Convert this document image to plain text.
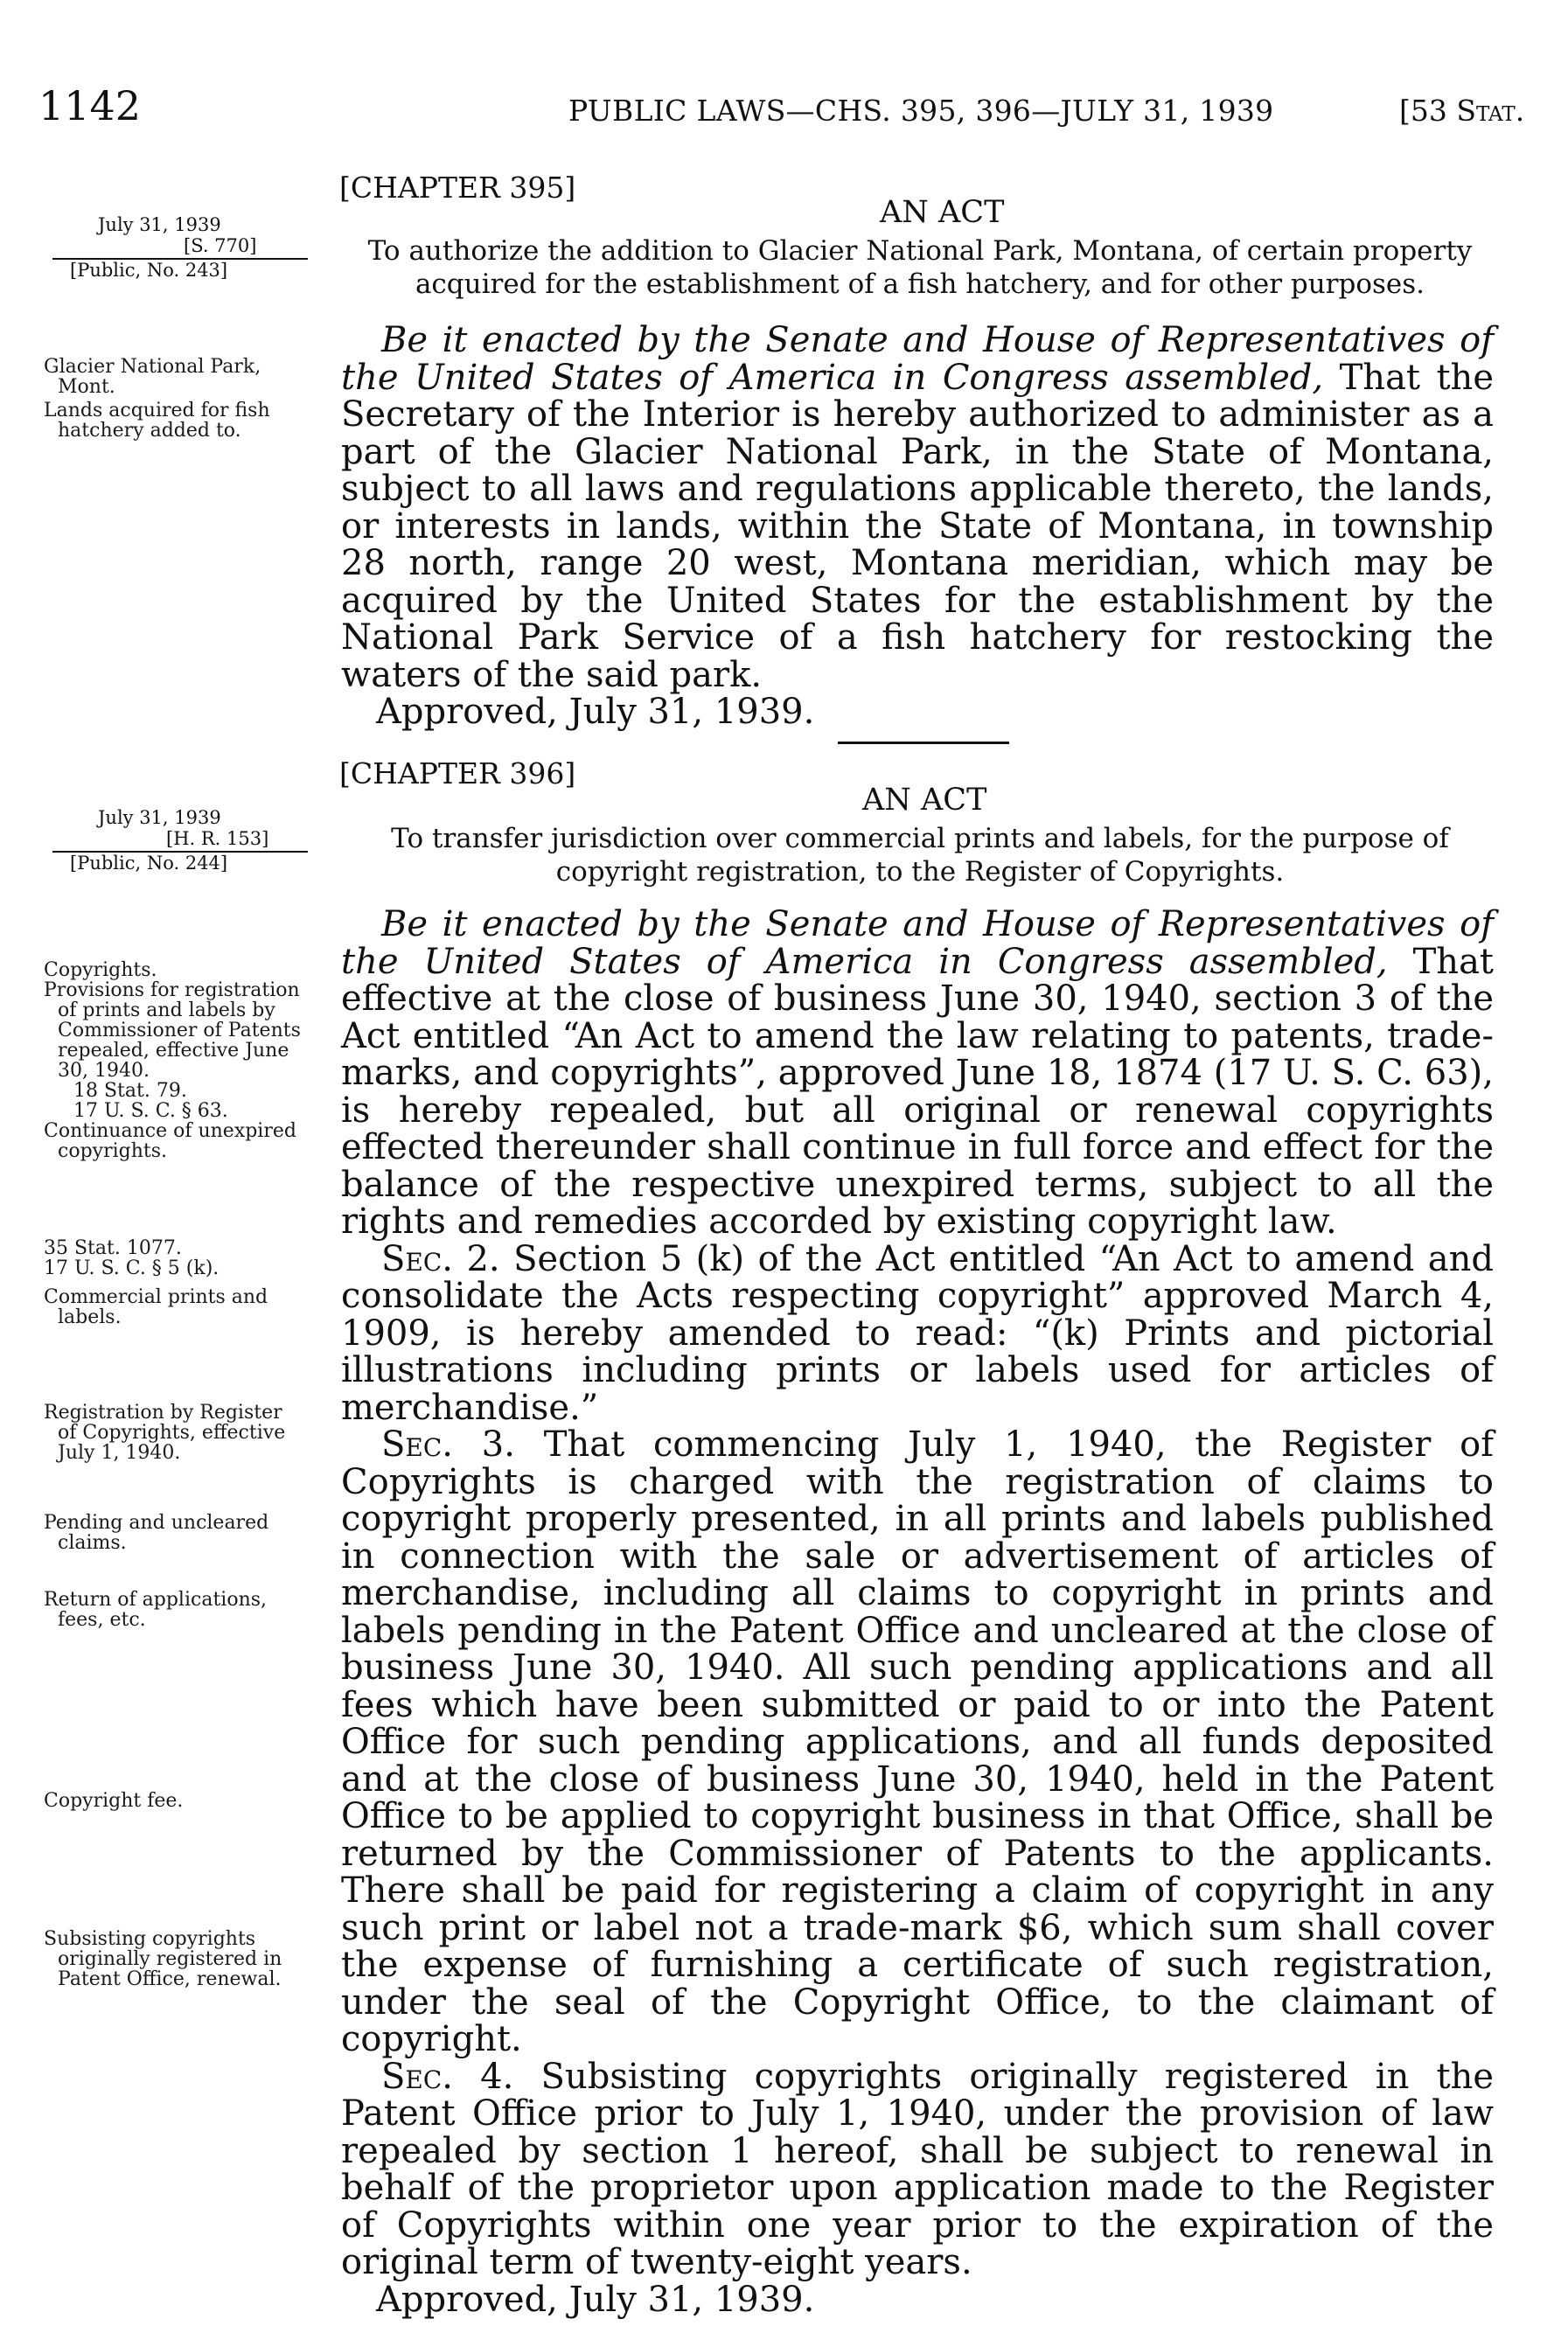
1142	PUBLIC LAWS—CHS. 395, 396—JULY 31, 1939	[53 Stat.
July 31, 1939
[S. 770]
[Public, No. 243]
[CHAPTER 395]
AN ACT
To authorize the addition to Glacier National Park, Montana, of certain property acquired for the establishment of a fish hatchery, and for other purposes.

Glacier National Park, Mont.

Lands acquired for fish hatchery added to.

Be it enacted by the Senate and House of Representatives of the United States of America in Congress assembled, That the Secretary of the Interior is hereby authorized to administer as a part of the Glacier National Park, in the State of Montana, subject to all laws and regulations applicable thereto, the lands, or interests in lands, within the State of Montana, in township 28 north, range 20 west, Montana meridian, which may be acquired by the United States for the establishment by the National Park Service of a fish hatchery for restocking the waters of the said park.

Approved, July 31, 1939.

July 31, 1939
[H. R. 153]
[Public, No. 244]
[CHAPTER 396]
AN ACT
To transfer jurisdiction over commercial prints and labels, for the purpose of copyright registration, to the Register of Copyrights.

Be it enacted by the Senate and House of Representatives of the United States of America in Congress assembled, That effective at the close of business June 30, 1940, section 3 of the Act entitled “An Act to amend the law relating to patents, trade-marks, and copyrights”, approved June 18, 1874 (17 U. S. C. 63), is hereby repealed, but all original or renewal copyrights effected thereunder shall continue in full force and effect for the balance of the respective unexpired terms, subject to all the rights and remedies accorded by existing copyright law.

Sec. 2. Section 5 (k) of the Act entitled “An Act to amend and consolidate the Acts respecting copyright” approved March 4, 1909, is hereby amended to read: “(k) Prints and pictorial illustrations including prints or labels used for articles of merchandise.”

Sec. 3. That commencing July 1, 1940, the Register of Copyrights is charged with the registration of claims to copyright properly presented, in all prints and labels published in connection with the sale or advertisement of articles of merchandise, including all claims to copyright in prints and labels pending in the Patent Office and uncleared at the close of business June 30, 1940. All such pending applications and all fees which have been submitted or paid to or into the Patent Office for such pending applications, and all funds deposited and at the close of business June 30, 1940, held in the Patent Office to be applied to copyright business in that Office, shall be returned by the Commissioner of Patents to the applicants. There shall be paid for registering a claim of copyright in any such print or label not a trade-mark $6, which sum shall cover the expense of furnishing a certificate of such registration, under the seal of the Copyright Office, to the claimant of copyright.

Sec. 4. Subsisting copyrights originally registered in the Patent Office prior to July 1, 1940, under the provision of law repealed by section 1 hereof, shall be subject to renewal in behalf of the proprietor upon application made to the Register of Copyrights within one year prior to the expiration of the original term of twenty-eight years.

Approved, July 31, 1939.

Copyrights.

Provisions for registration of prints and labels by Commissioner of Patents repealed, effective June 30, 1940.

18 Stat. 79.

17 U. S. C. § 63.

Continuance of unexpired copyrights.

35 Stat. 1077.

17 U. S. C. § 5 (k).

Commercial prints and labels.

Registration by Register of Copyrights, effective July 1, 1940.

Pending and uncleared claims.

Return of applications, fees, etc.

Copyright fee.

Subsisting copyrights originally registered in Patent Office, renewal.
